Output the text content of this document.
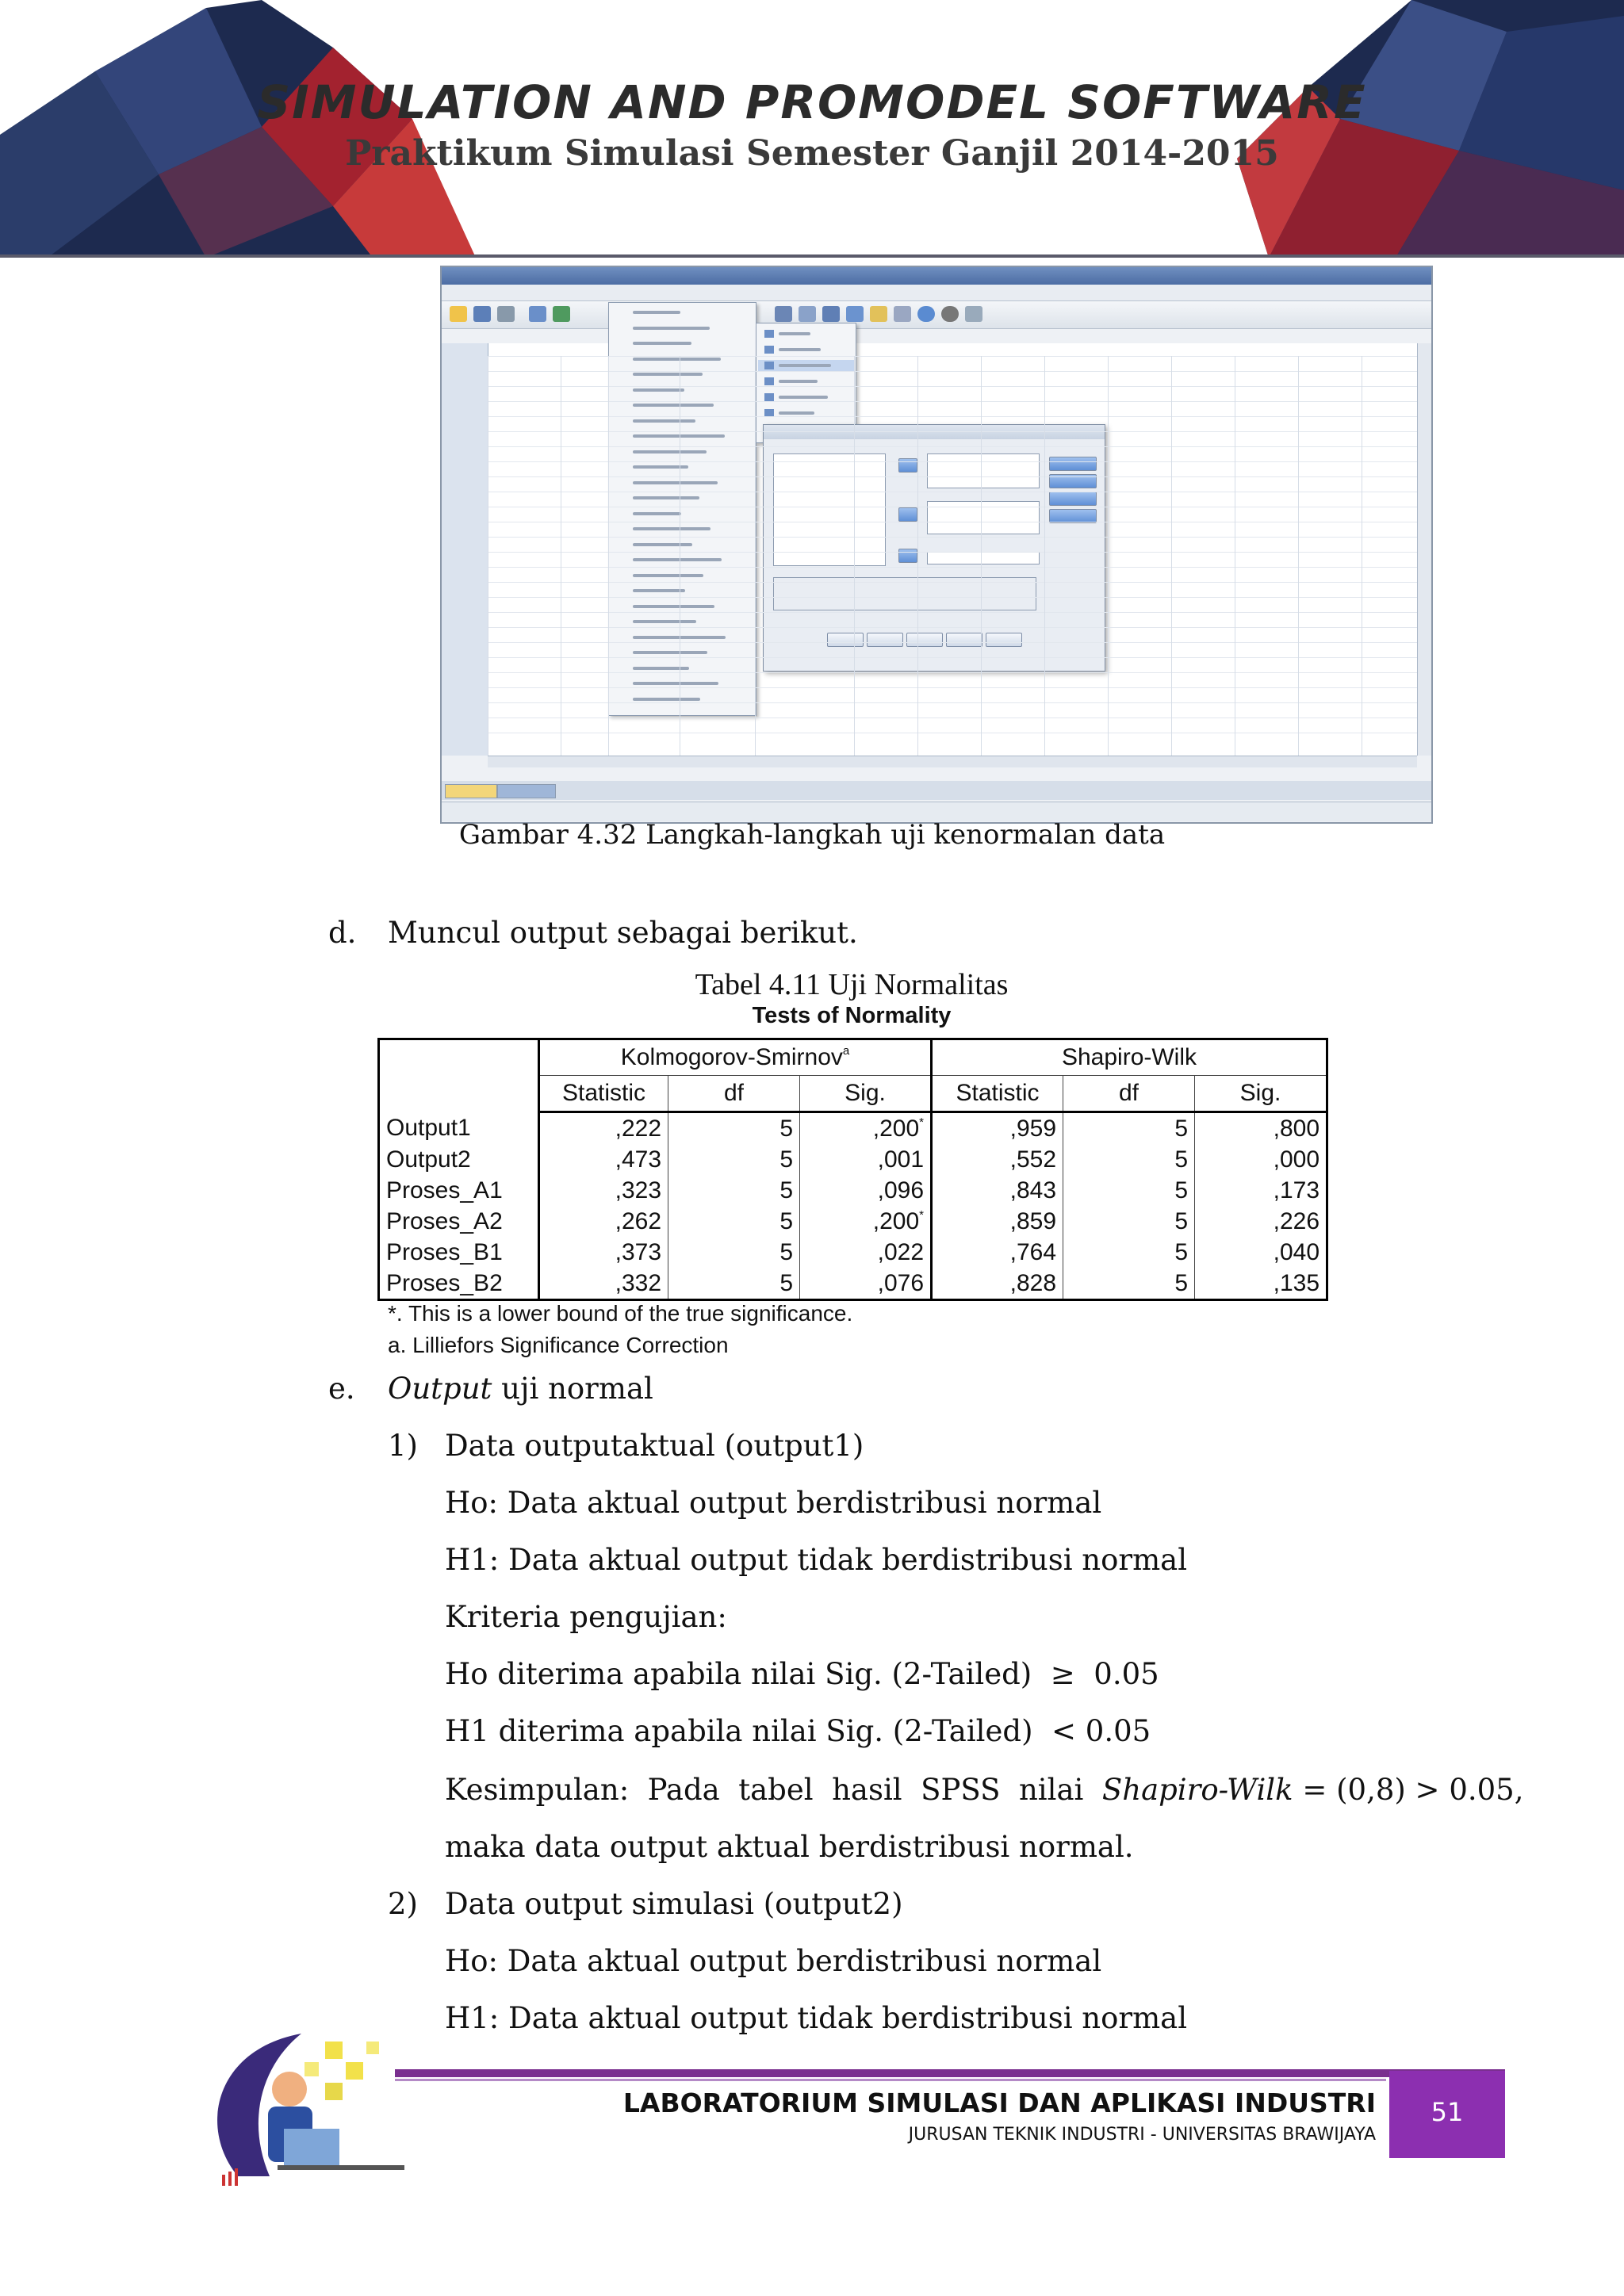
SIMULATION AND PROMODEL SOFTWARE
Praktikum Simulasi Semester Ganjil 2014-2015
Gambar 4.32 Langkah-langkah uji kenormalan data
d. Muncul output sebagai berikut.
Tabel 4.11 Uji Normalitas
Tests of Normality
	Kolmogorov-Smirnov$^a$			Shapiro-Wilk		
	Statistic	df	Sig.	Statistic	df	Sig.
Output1	,222	5	,200*	,959	5	,800
Output2	,473	5	,001	,552	5	,000
Proses_A1	,323	5	,096	,843	5	,173
Proses_A2	,262	5	,200*	,859	5	,226
Proses_B1	,373	5	,022	,764	5	,040
Proses_B2	,332	5	,076	,828	5	,135
*. This is a lower bound of the true significance.
a. Lilliefors Significance Correction
e. Output uji normal
1) Data outputaktual (output1)
Ho: Data aktual output berdistribusi normal
H1: Data aktual output tidak berdistribusi normal
Kriteria pengujian:
Ho diterima apabila nilai Sig. (2-Tailed)  ≥  0.05
H1 diterima apabila nilai Sig. (2-Tailed)  < 0.05
Kesimpulan:  Pada  tabel  hasil  SPSS  nilai  Shapiro-Wilk = (0,8) > 0.05,
maka data output aktual berdistribusi normal.
2) Data output simulasi (output2)
Ho: Data aktual output berdistribusi normal
H1: Data aktual output tidak berdistribusi normal
51
LABORATORIUM SIMULASI DAN APLIKASI INDUSTRI
JURUSAN TEKNIK INDUSTRI - UNIVERSITAS BRAWIJAYA
